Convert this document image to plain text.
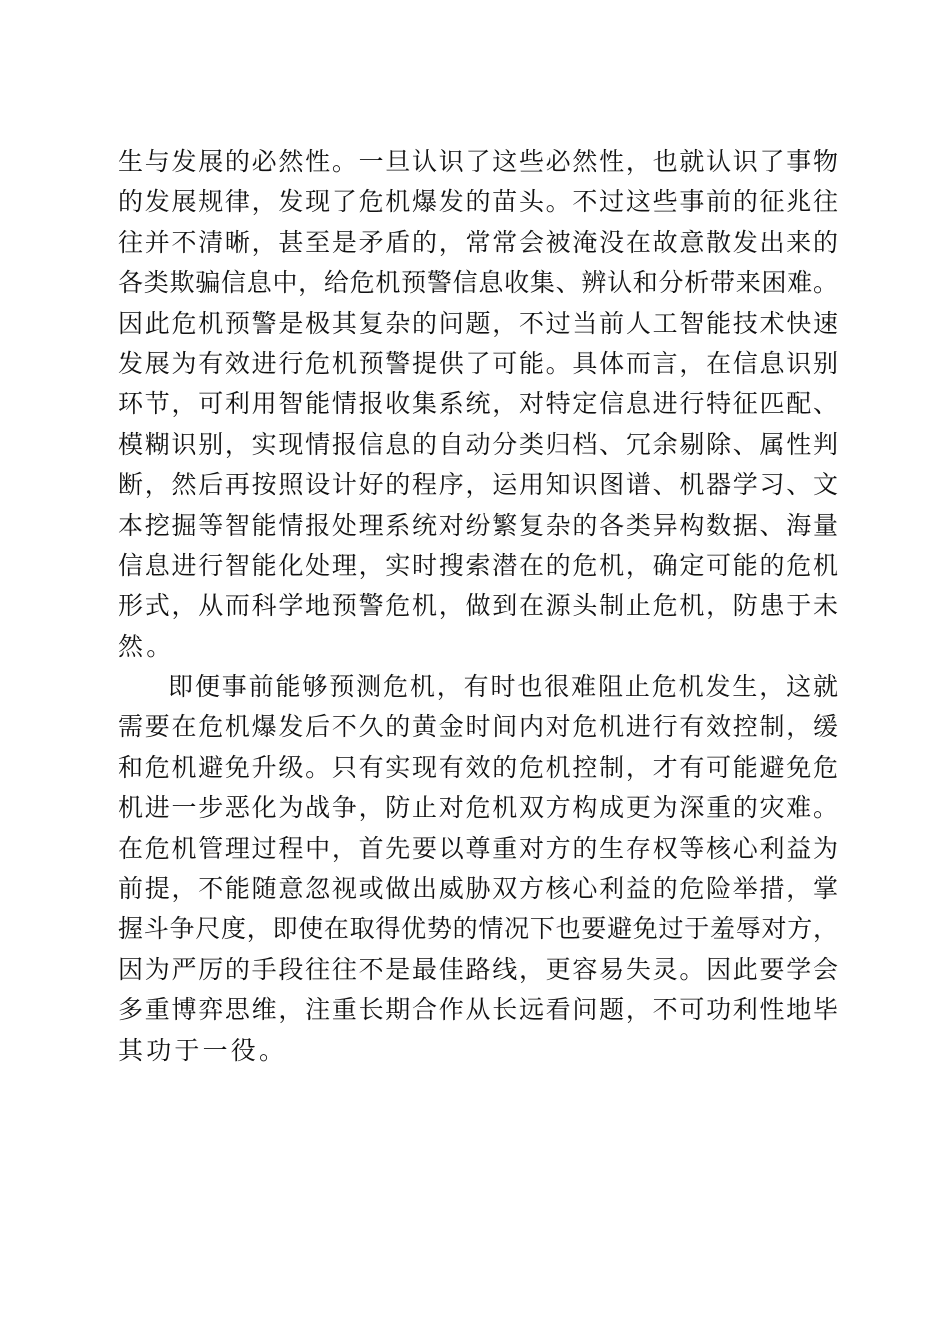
生与发展的必然性。一旦认识了这些必然性，也就认识了事物
的发展规律，发现了危机爆发的苗头。不过这些事前的征兆往
往并不清晰，甚至是矛盾的，常常会被淹没在故意散发出来的
各类欺骗信息中，给危机预警信息收集、辨认和分析带来困难。
因此危机预警是极其复杂的问题，不过当前人工智能技术快速
发展为有效进行危机预警提供了可能。具体而言，在信息识别
环节，可利用智能情报收集系统，对特定信息进行特征匹配、
模糊识别，实现情报信息的自动分类归档、冗余剔除、属性判
断，然后再按照设计好的程序，运用知识图谱、机器学习、文
本挖掘等智能情报处理系统对纷繁复杂的各类异构数据、海量
信息进行智能化处理，实时搜索潜在的危机，确定可能的危机
形式，从而科学地预警危机，做到在源头制止危机，防患于未
然。
即便事前能够预测危机，有时也很难阻止危机发生，这就
需要在危机爆发后不久的黄金时间内对危机进行有效控制，缓
和危机避免升级。只有实现有效的危机控制，才有可能避免危
机进一步恶化为战争，防止对危机双方构成更为深重的灾难。
在危机管理过程中，首先要以尊重对方的生存权等核心利益为
前提，不能随意忽视或做出威胁双方核心利益的危险举措，掌
握斗争尺度，即使在取得优势的情况下也要避免过于羞辱对方，
因为严厉的手段往往不是最佳路线，更容易失灵。因此要学会
多重博弈思维，注重长期合作从长远看问题，不可功利性地毕
其功于一役。
